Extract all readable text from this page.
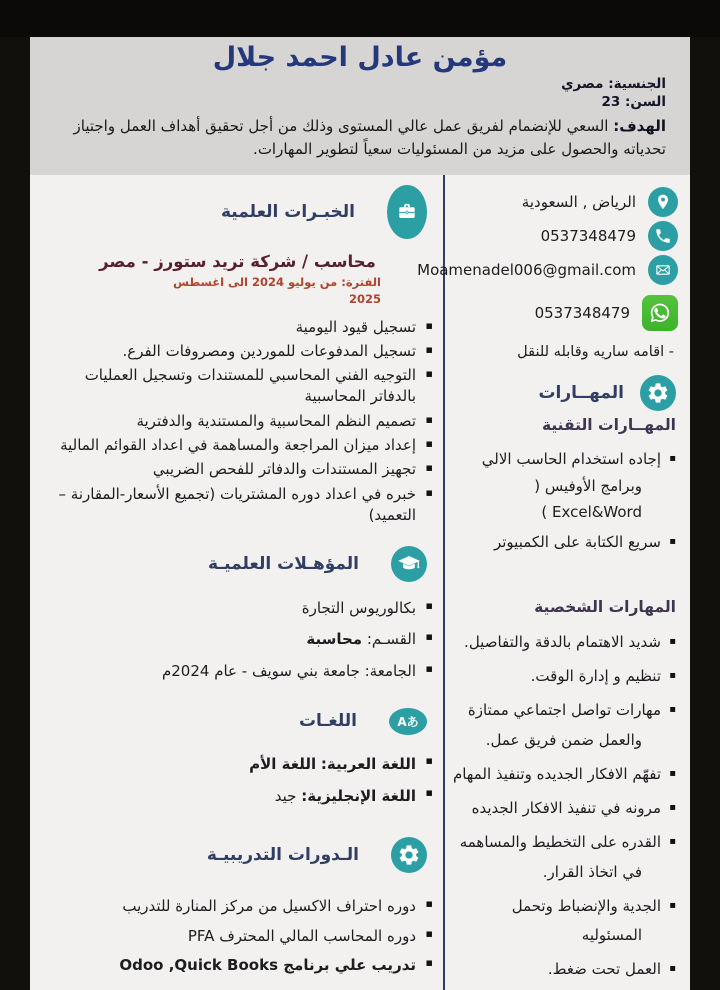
مؤمن عادل احمد جلال
الجنسية: مصري
السن: 23
الهدف: السعي للإنضمام لفريق عمل عالي المستوى وذلك من أجل تحقيق أهداف العمل واجتياز تحدياته والحصول على مزيد من المسئوليات سعياً لتطوير المهارات.
الرياض , السعودية
0537348479
Moamenadel006@gmail.com
0537348479
- اقامه ساريه وقابله للنقل
المهــارات
المهــارات التقنية
▪ إجاده استخدام الحاسب الالي وبرامج الأوفيس ( Excel&Word )
▪ سريع الكتابة على الكمبيوتر
المهارات الشخصية
▪ شديد الاهتمام بالدقة والتفاصيل.
▪ تنظيم و إدارة الوقت.
▪ مهارات تواصل اجتماعي ممتازة والعمل ضمن فريق عمل.
▪ تفهّم الافكار الجديده وتنفيذ المهام
▪ مرونه في تنفيذ الافكار الجديده
▪ القدره على التخطيط والمساهمه في اتخاذ القرار.
▪ الجدية والإنضباط وتحمل المسئوليه
▪ العمل تحت ضغط.
الخبـرات العلمية
محاسب / شركة تريد ستورز - مصر
الفترة: من يوليو 2024 الى اغسطس 2025
▪ تسجيل قيود اليومية
▪ تسجيل المدفوعات للموردين ومصروفات الفرع.
▪ التوجيه الفني المحاسبي للمستندات وتسجيل العمليات بالدفاتر المحاسبية
▪ تصميم النظم المحاسبية والمستندية والدفترية
▪ إعداد ميزان المراجعة والمساهمة في اعداد القوائم المالية
▪ تجهيز المستندات والدفاتر للفحص الضريبي
▪ خبره في اعداد دوره المشتريات (تجميع الأسعار-المقارنة – التعميد)
المؤهـلات العلميـة
▪ بكالوريوس التجارة
▪ القسـم: محاسبة
▪ الجامعة: جامعة بني سويف - عام 2024م
Aあ
اللغـات
▪ اللغة العربية: اللغة الأم
▪ اللغة الإنجليزية: جيد
الـدورات التدريبيـة
▪ دوره احتراف الاكسيل من مركز المنارة للتدريب
▪ دوره المحاسب المالي المحترف PFA
▪ تدريب علي برنامج Odoo ,Quick Books
